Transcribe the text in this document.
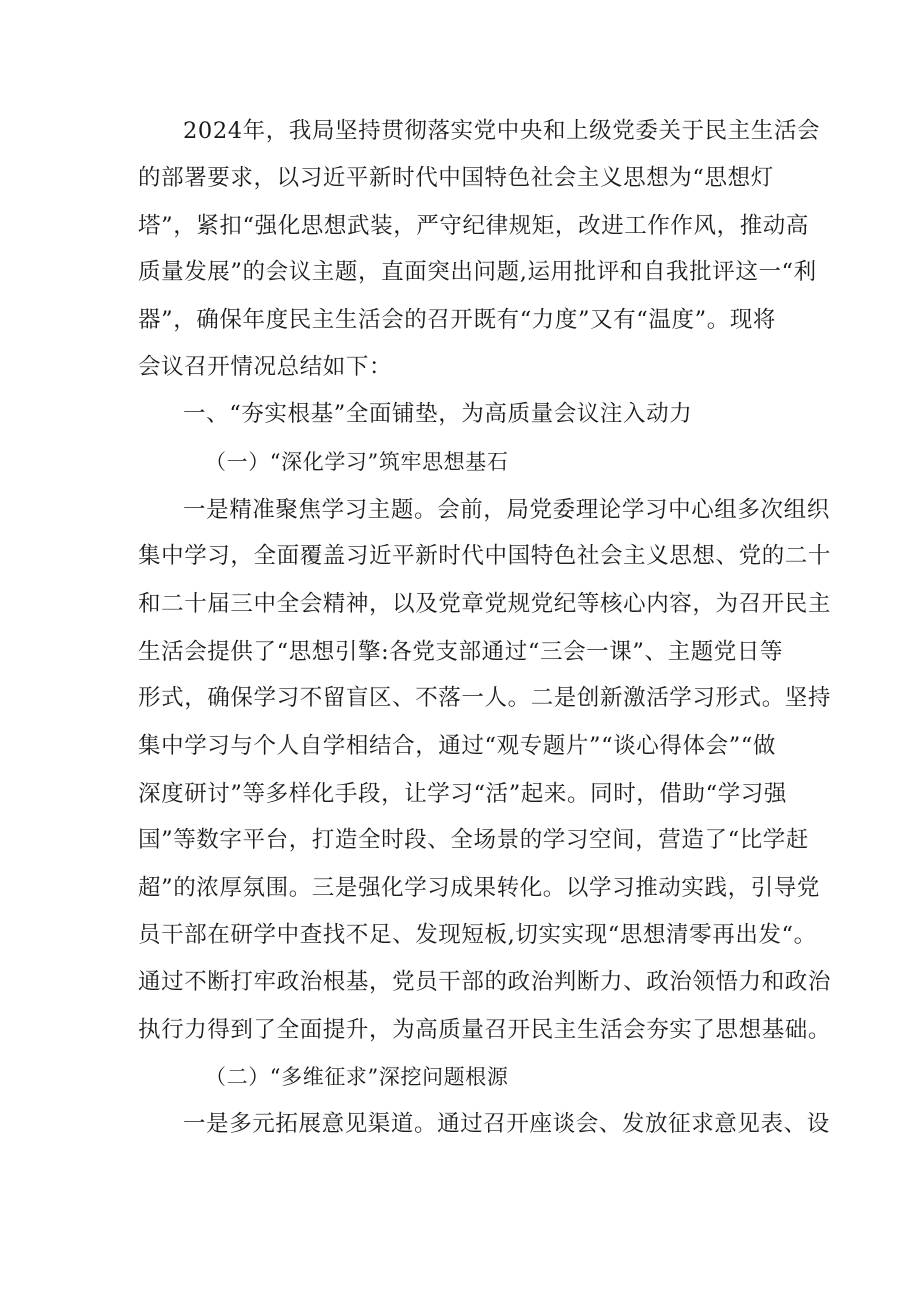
2024年，我局坚持贯彻落实党中央和上级党委关于民主生活会
的部署要求，以习近平新时代中国特色社会主义思想为“思想灯
塔”，紧扣“强化思想武装，严守纪律规矩，改进工作作风，推动高
质量发展”的会议主题，直面突出问题,运用批评和自我批评这一“利
器”，确保年度民主生活会的召开既有“力度”又有“温度”。现将
会议召开情况总结如下：
一、“夯实根基”全面铺垫，为高质量会议注入动力
（一）“深化学习”筑牢思想基石
一是精准聚焦学习主题。会前，局党委理论学习中心组多次组织
集中学习，全面覆盖习近平新时代中国特色社会主义思想、党的二十
和二十届三中全会精神，以及党章党规党纪等核心内容，为召开民主
生活会提供了“思想引擎:各党支部通过“三会一课”、主题党日等
形式，确保学习不留盲区、不落一人。二是创新激活学习形式。坚持
集中学习与个人自学相结合，通过“观专题片”“谈心得体会”“做
深度研讨”等多样化手段，让学习“活”起来。同时，借助“学习强
国”等数字平台，打造全时段、全场景的学习空间，营造了“比学赶
超”的浓厚氛围。三是强化学习成果转化。以学习推动实践，引导党
员干部在研学中查找不足、发现短板,切实实现“思想清零再出发“。
通过不断打牢政治根基，党员干部的政治判断力、政治领悟力和政治
执行力得到了全面提升，为高质量召开民主生活会夯实了思想基础。
（二）“多维征求”深挖问题根源
一是多元拓展意见渠道。通过召开座谈会、发放征求意见表、设
